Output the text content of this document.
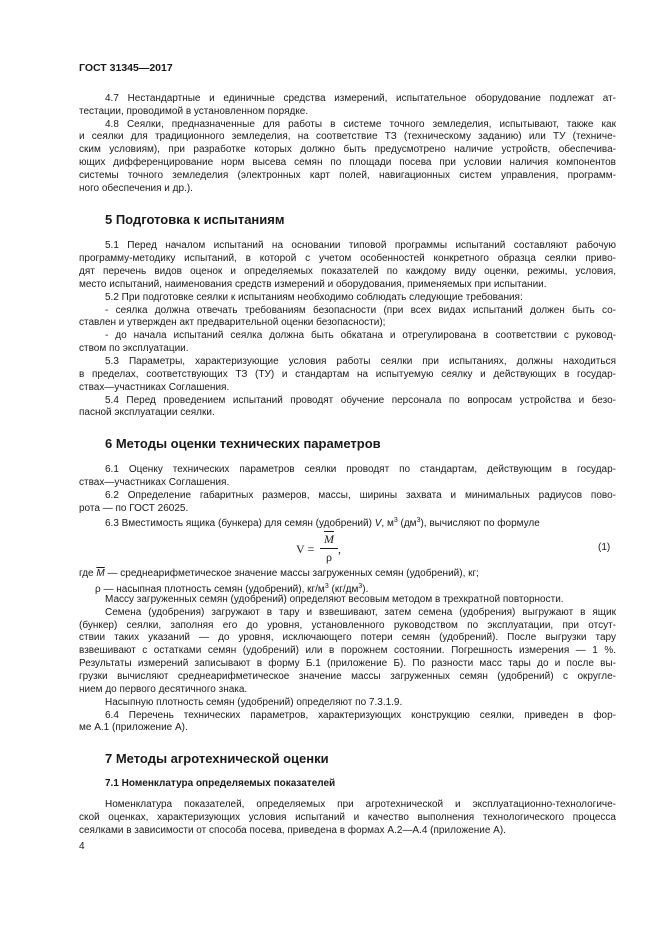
ГОСТ 31345—2017
4.7 Нестандартные и единичные средства измерений, испытательное оборудование подлежат ат-
тестации, проводимой в установленном порядке.
4.8 Сеялки, предназначенные для работы в системе точного земледелия, испытывают, также как
и сеялки для традиционного земледелия, на соответствие ТЗ (техническому заданию) или ТУ (техниче-
ским условиям), при разработке которых должно быть предусмотрено наличие устройств, обеспечива-
ющих дифференцирование норм высева семян по площади посева при условии наличия компонентов
системы точного земледелия (электронных карт полей, навигационных систем управления, программ-
ного обеспечения и др.).
5 Подготовка к испытаниям
5.1 Перед началом испытаний на основании типовой программы испытаний составляют рабочую
программу-методику испытаний, в которой с учетом особенностей конкретного образца сеялки приво-
дят перечень видов оценок и определяемых показателей по каждому виду оценки, режимы, условия,
место испытаний, наименования средств измерений и оборудования, применяемых при испытании.
5.2 При подготовке сеялки к испытаниям необходимо соблюдать следующие требования:
- сеялка должна отвечать требованиям безопасности (при всех видах испытаний должен быть со-
ставлен и утвержден акт предварительной оценки безопасности);
- до начала испытаний сеялка должна быть обкатана и отрегулирована в соответствии с руковод-
ством по эксплуатации.
5.3 Параметры, характеризующие условия работы сеялки при испытаниях, должны находиться
в пределах, соответствующих ТЗ (ТУ) и стандартам на испытуемую сеялку и действующих в государ-
ствах—участниках Соглашения.
5.4 Перед проведением испытаний проводят обучение персонала по вопросам устройства и безо-
пасной эксплуатации сеялки.
6 Методы оценки технических параметров
6.1 Оценку технических параметров сеялки проводят по стандартам, действующим в государ-
ствах—участниках Соглашения.
6.2 Определение габаритных размеров, массы, ширины захвата и минимальных радиусов пово-
рота — по ГОСТ 26025.
6.3 Вместимость ящика (бункера) для семян (удобрений) V, $м^3$ $(дм^3)$, вычисляют по формуле
V =
$\overline{M}$
ρ
,	(1)
где $\overline{M}$ — среднеарифметическое значение массы загруженных семян (удобрений), кг;
ρ — насыпная плотность семян (удобрений), $кг/м^3$ $(кг/дм^3)$.
Массу загруженных семян (удобрений) определяют весовым методом в трехкратной повторности.
Семена (удобрения) загружают в тару и взвешивают, затем семена (удобрения) выгружают в ящик
(бункер) сеялки, заполняя его до уровня, установленного руководством по эксплуатации, при отсут-
ствии таких указаний — до уровня, исключающего потери семян (удобрений). После выгрузки тару
взвешивают с остатками семян (удобрений) или в порожнем состоянии. Погрешность измерения — 1 %.
Результаты измерений записывают в форму Б.1 (приложение Б). По разности масс тары до и после вы-
грузки вычисляют среднеарифметическое значение массы загруженных семян (удобрений) с округле-
нием до первого десятичного знака.
Насыпную плотность семян (удобрений) определяют по 7.3.1.9.
6.4 Перечень технических параметров, характеризующих конструкцию сеялки, приведен в фор-
ме А.1 (приложение А).
7 Методы агротехнической оценки
7.1 Номенклатура определяемых показателей
Номенклатура показателей, определяемых при агротехнической и эксплуатационно-технологиче-
ской оценках, характеризующих условия испытаний и качество выполнения технологического процесса
сеялками в зависимости от способа посева, приведена в формах А.2—А.4 (приложение А).
4
